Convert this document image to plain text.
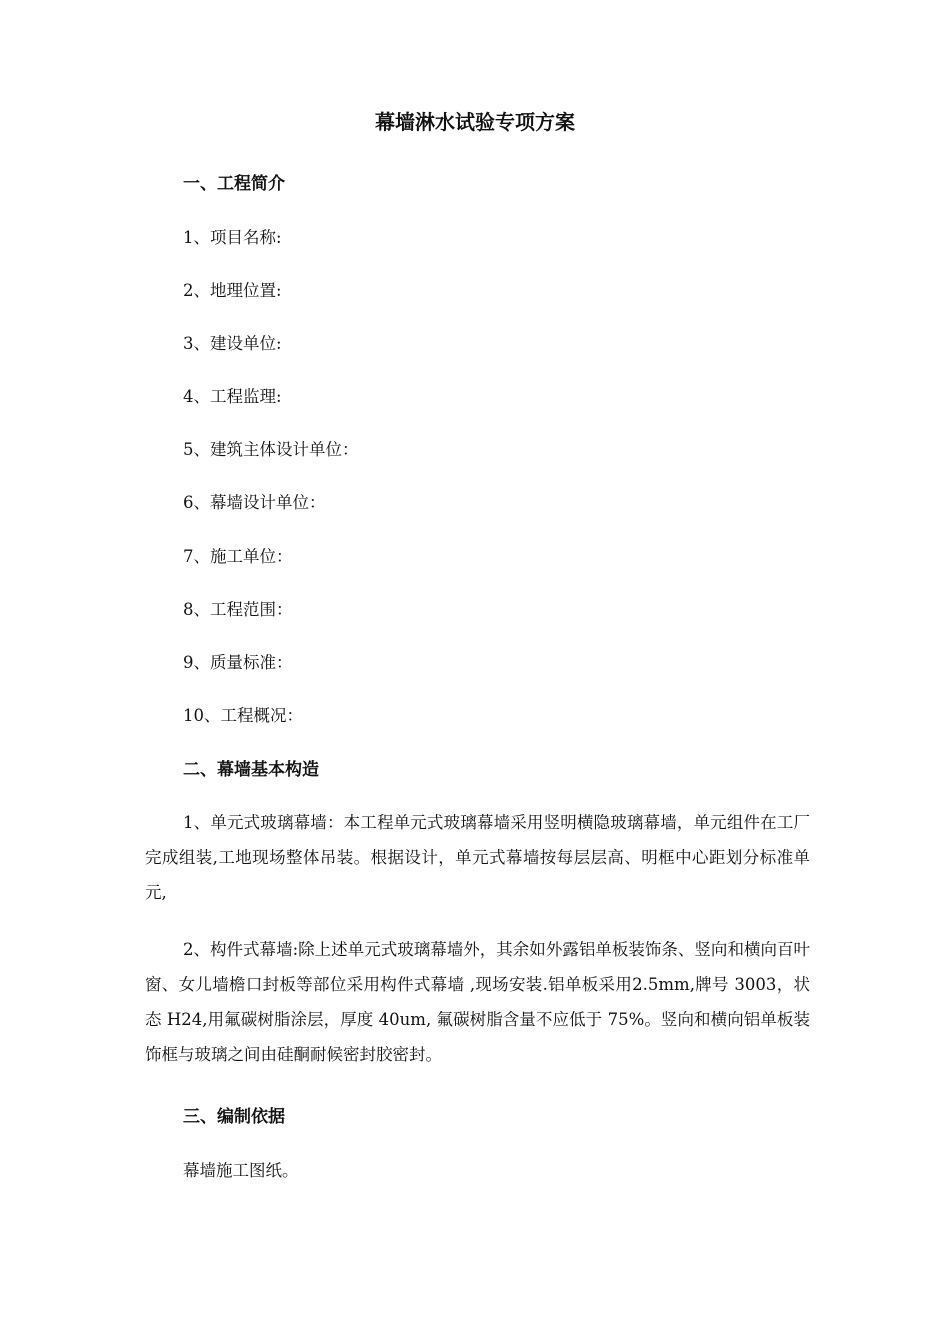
幕墙淋水试验专项方案
一、工程简介
1、项目名称:
2、地理位置:
3、建设单位:
4、工程监理:
5、建筑主体设计单位：
6、幕墙设计单位：
7、施工单位：
8、工程范围：
9、质量标准：
10、工程概况：
二、幕墙基本构造
1、单元式玻璃幕墙：本工程单元式玻璃幕墙采用竖明横隐玻璃幕墙，单元组件在工厂完成组装,工地现场整体吊装。根据设计，单元式幕墙按每层层高、明框中心距划分标准单元,
2、构件式幕墙:除上述单元式玻璃幕墙外，其余如外露铝单板装饰条、竖向和横向百叶窗、女儿墙檐口封板等部位采用构件式幕墙 ,现场安装.铝单板采用2.5mm,牌号 3003，状态 H24,用氟碳树脂涂层，厚度 40um, 氟碳树脂含量不应低于 75%。竖向和横向铝单板装饰框与玻璃之间由硅酮耐候密封胶密封。
三、编制依据
幕墙施工图纸。
